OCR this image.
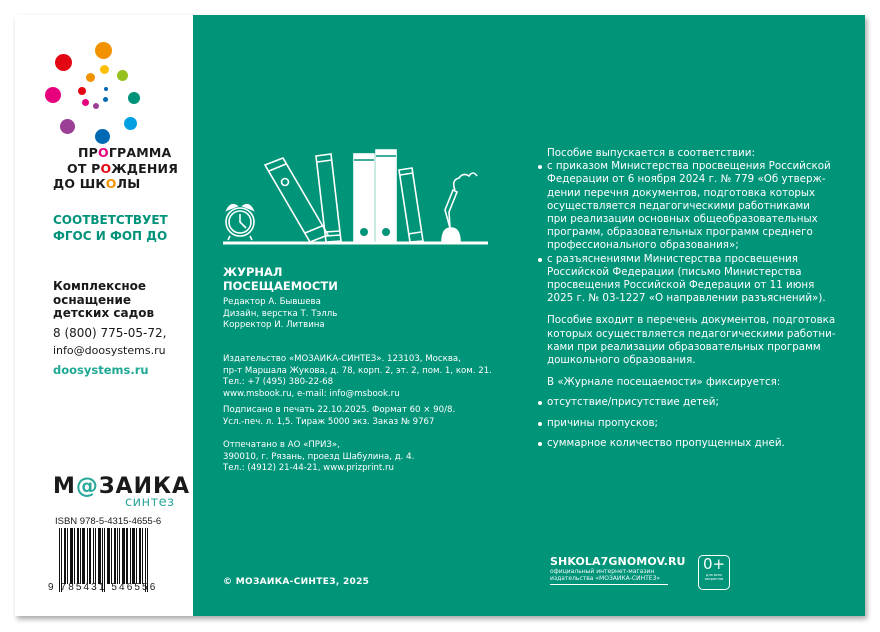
ПРОГРАММА
ОТ РОЖДЕНИЯ
ДО ШКОЛЫ
СООТВЕТСТВУЕТ
ФГОС И ФОП ДО
Комплексное
оснащение
детских садов
8 (800) 775-05-72,
info@doosystems.ru
doosystems.ru
М@ЗАИКА
синтез
ISBN 978-5-4315-4655-6
9 785431 546556
ЖУРНАЛ
ПОСЕЩАЕМОСТИ
Редактор А. Бывшева
Дизайн, верстка Т. Тэлль
Корректор И. Литвина
Издательство «МОЗАИКА-СИНТЕЗ». 123103, Москва,
пр-т Маршала Жукова, д. 78, корп. 2, эт. 2, пом. 1, ком. 21.
Тел.: +7 (495) 380-22-68
www.msbook.ru, e-mail: info@msbook.ru
Подписано в печать 22.10.2025. Формат 60 × 90/8.
Усл.-печ. л. 1,5. Тираж 5000 экз. Заказ № 9767
Отпечатано в АО «ПРИЗ»,
390010, г. Рязань, проезд Шабулина, д. 4.
Тел.: (4912) 21-44-21, www.prizprint.ru
© МОЗАИКА-СИНТЕЗ, 2025

Пособие выпускается в соответствии:

с приказом Министерства просвещения Российской

Федерации от 6 ноября 2024 г. № 779 «Об утверж-

дении перечня документов, подготовка которых

осуществляется педагогическими работниками

при реализации основных общеобразовательных

программ, образовательных программ среднего

профессионального образования»;

с разъяснениями Министерства просвещения

Российской Федерации (письмо Министерства

просвещения Российской Федерации от 11 июня

2025 г. № 03-1227 «О направлении разъяснений»).

Пособие входит в перечень документов, подготовка

которых осуществляется педагогическими работни-

ками при реализации образовательных программ

дошкольного образования.

В «Журнале посещаемости» фиксируется:

отсутствие/присутствие детей;

причины пропусков;

суммарное количество пропущенных дней.

SHKOLA7GNOMOV.RU
официальный интернет-магазин
издательства «МОЗАИКА-СИНТЕЗ»
0+
для всех возрастов
